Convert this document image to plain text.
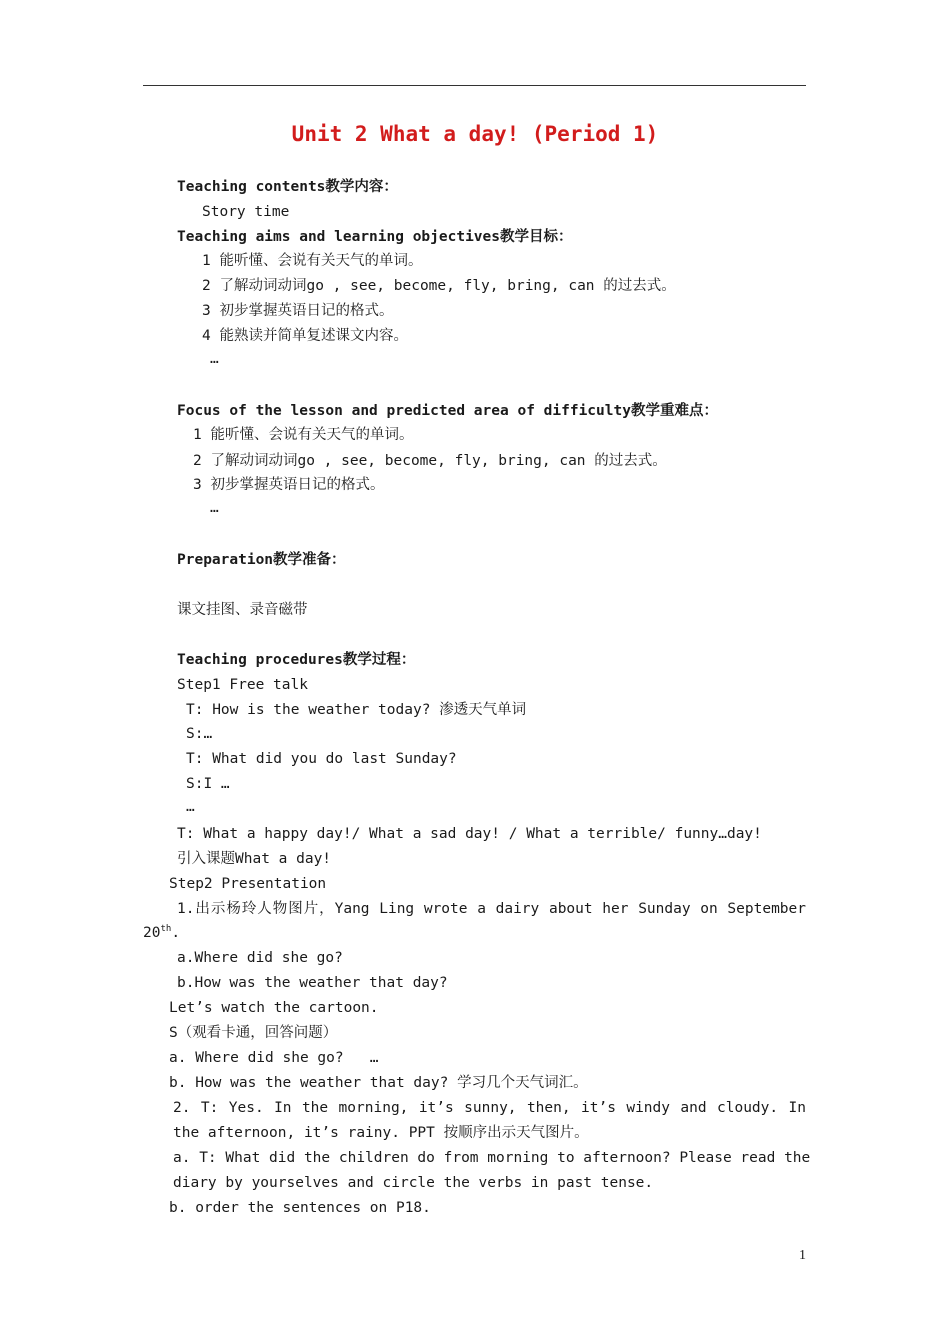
Unit 2 What a day! (Period 1)
Teaching contents教学内容：
Story time
Teaching aims and learning objectives教学目标：
1 能听懂、会说有关天气的单词。
2 了解动词动词go , see, become, fly, bring, can 的过去式。
3 初步掌握英语日记的格式。
4 能熟读并简单复述课文内容。
…
Focus of the lesson and predicted area of difficulty教学重难点：
1 能听懂、会说有关天气的单词。
2 了解动词动词go , see, become, fly, bring, can 的过去式。
3 初步掌握英语日记的格式。
…
Preparation教学准备：
课文挂图、录音磁带
Teaching procedures教学过程：
Step1 Free talk
T: How is the weather today? 渗透天气单词
S:…
T: What did you do last Sunday?
S:I …
…
T: What a happy day!/ What a sad day! / What a terrible/ funny…day!
引入课题What a day!
Step2 Presentation
1.出示杨玲人物图片，Yang Ling wrote a dairy about her Sunday on September
20th.
a.Where did she go?
b.How was the weather that day?
Let’s watch the cartoon.
S（观看卡通，回答问题）
a. Where did she go?   …
b. How was the weather that day? 学习几个天气词汇。
2. T: Yes. In the morning, it’s sunny, then, it’s windy and cloudy. In
the afternoon, it’s rainy. PPT 按顺序出示天气图片。
a. T: What did the children do from morning to afternoon? Please read the
diary by yourselves and circle the verbs in past tense.
b. order the sentences on P18.
1
